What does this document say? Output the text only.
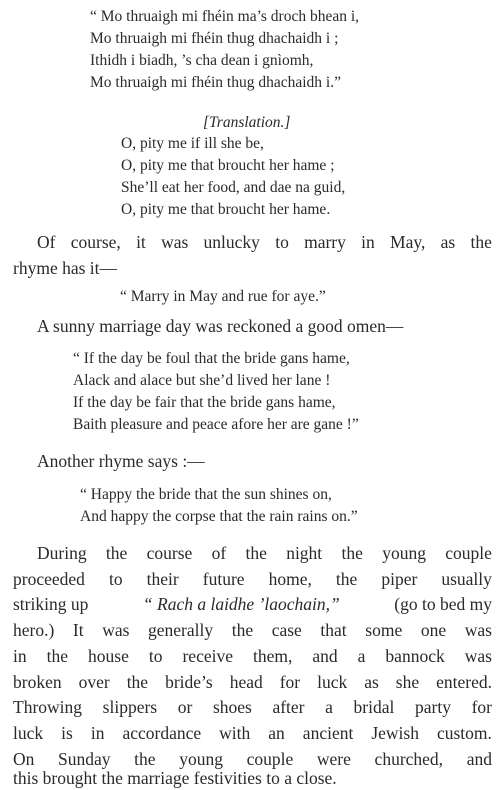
“ Mo thruaigh mi fhéin ma’s droch bhean i,
Mo thruaigh mi fhéin thug dhachaidh i ;
Ithidh i biadh, ’s cha dean i gnìomh,
Mo thruaigh mi fhéin thug dhachaidh i.”
[Translation.]
O, pity me if ill she be,
O, pity me that broucht her hame ;
She’ll eat her food, and dae na guid,
O, pity me that broucht her hame.
Of course, it was unlucky to marry in May, as the
rhyme has it—
“ Marry in May and rue for aye.”
A sunny marriage day was reckoned a good omen—
“ If the day be foul that the bride gans hame,
Alack and alace but she’d lived her lane !
If the day be fair that the bride gans hame,
Baith pleasure and peace afore her are gane !”
Another rhyme says :—
“ Happy the bride that the sun shines on,
And happy the corpse that the rain rains on.”
During the course of the night the young couple
proceeded to their future home, the piper usually
striking up	“ Rach a laidhe ’laochain,”	(go to bed my
hero.) It was generally the case that some one was
in the house to receive them, and a bannock was
broken over the bride’s head for luck as she entered.
Throwing slippers or shoes after a bridal party for
luck is in accordance with an ancient Jewish custom.
On Sunday the young couple were churched, and
this brought the marriage festivities to a close.
